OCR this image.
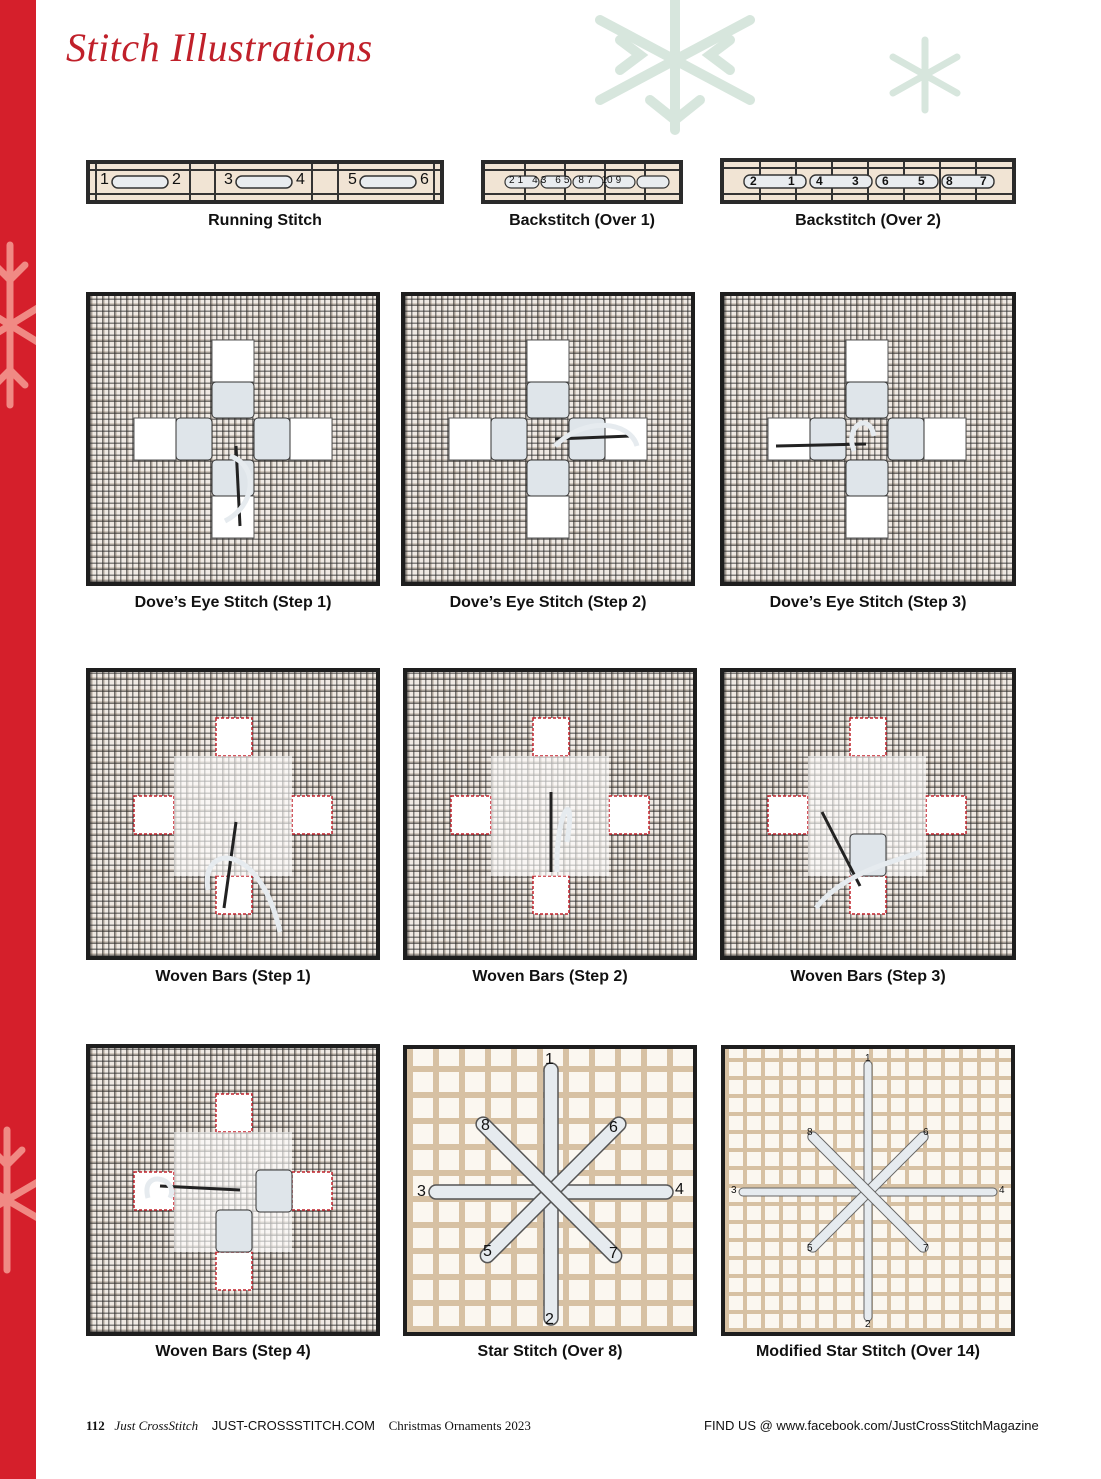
Stitch Illustrations
1	2	3	4	5	6
Running Stitch
2 1 4 3 6 5 8 7 10 9
Backstitch (Over 1)
2	1 4 3 6 5 8 7
Backstitch (Over 2)
Dove’s Eye Stitch (Step 1)	Dove’s Eye Stitch (Step 2)	Dove’s Eye Stitch (Step 3)
Woven Bars (Step 1)	Woven Bars (Step 2)	Woven Bars (Step 3)
Woven Bars (Step 4)
1
2
3	4
5
6
7
8
Star Stitch (Over 8)
1
2
3	4
5
6
7
8
Modified Star Stitch (Over 14)
112 Just CrossStitch JUST-CROSSSTITCH.COM Christmas Ornaments 2023	FIND US @ www.facebook.com/JustCrossStitchMagazine
